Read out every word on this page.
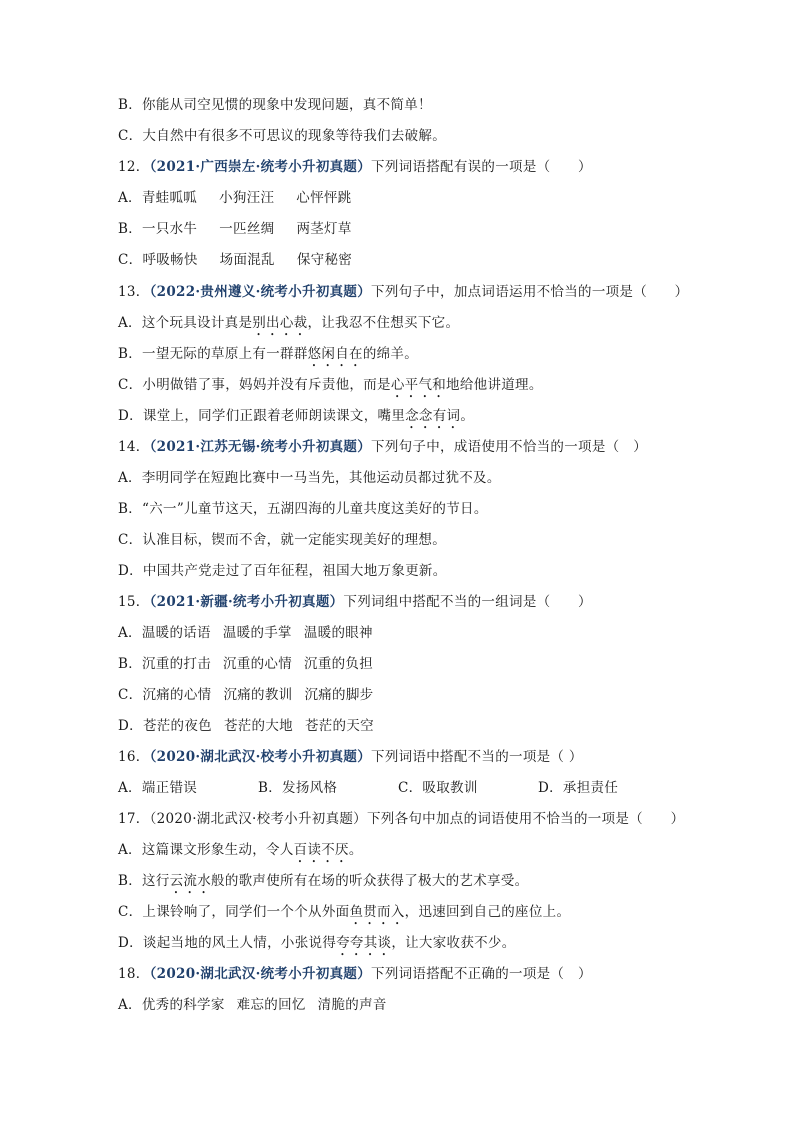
B．你能从司空见惯的现象中发现问题，真不简单！
C．大自然中有很多不可思议的现象等待我们去破解。
12．（2021·广西崇左·统考小升初真题）下列词语搭配有误的一项是（　　）
A．青蛙呱呱 小狗汪汪 心怦怦跳
B．一只水牛 一匹丝绸 两茎灯草
C．呼吸畅快 场面混乱 保守秘密
13．（2022·贵州遵义·统考小升初真题）下列句子中，加点词语运用不恰当的一项是（　　）
A．这个玩具设计真是别出心裁，让我忍不住想买下它。
B．一望无际的草原上有一群群悠闲自在的绵羊。
C．小明做错了事，妈妈并没有斥责他，而是心平气和地给他讲道理。
D．课堂上，同学们正跟着老师朗读课文，嘴里念念有词。
14．（2021·江苏无锡·统考小升初真题）下列句子中，成语使用不恰当的一项是（　）
A．李明同学在短跑比赛中一马当先，其他运动员都过犹不及。
B．“六一”儿童节这天，五湖四海的儿童共度这美好的节日。
C．认准目标，锲而不舍，就一定能实现美好的理想。
D．中国共产党走过了百年征程，祖国大地万象更新。
15．（2021·新疆·统考小升初真题）下列词组中搭配不当的一组词是（　　）
A．温暖的话语 温暖的手掌 温暖的眼神
B．沉重的打击 沉重的心情 沉重的负担
C．沉痛的心情 沉痛的教训 沉痛的脚步
D．苍茫的夜色 苍茫的大地 苍茫的天空
16．（2020·湖北武汉·校考小升初真题）下列词语中搭配不当的一项是（ ）
A．端正错误	B．发扬风格	C．吸取教训	D．承担责任
17．（2020·湖北武汉·校考小升初真题）下列各句中加点的词语使用不恰当的一项是（　　）
A．这篇课文形象生动，令人百读不厌。
B．这行云流水般的歌声使所有在场的听众获得了极大的艺术享受。
C．上课铃响了，同学们一个个从外面鱼贯而入，迅速回到自己的座位上。
D．谈起当地的风土人情，小张说得夸夸其谈，让大家收获不少。
18．（2020·湖北武汉·统考小升初真题）下列词语搭配不正确的一项是（　）
A．优秀的科学家 难忘的回忆 清脆的声音
